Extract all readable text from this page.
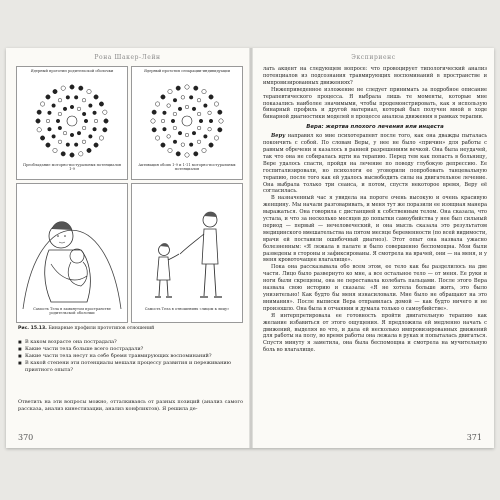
Рона Шакер-Лейн
Ядерный прототип родительской оболочки
Преобладание моторно-постуральных потенциалов 1-9
Ядерный прототип сепарации-индивидуации
Активация обоих 1-9 и 1-11 моторно-постуральных потенциалов
Самость Тела в замкнутом пространстве родительской оболочки
Самость Тела в отношениях «лицом к лицу»
Рис. 15.13. Бинарные профили прототипов отношений
■ В каком возрасте она пострадала?
■ Какие части тела больше всего пострадали?
■ Какие части тела несут на себе бремя травмирующих воспоминаний?
■ В какой степени эти потенциалы мешали процессу развития и переживанию приятного опыта?
Ответить на эти вопросы можно, отталкиваясь от разных позиций (анализ самого рассказа, анализ кинестизации, анализ конфликтов). Я решила де-
370
Экспириенс

лать акцент на следующем вопросе: что провоцирует типологический анализ потенциалов из подсознания травмирующих воспоминаний в пространстве и импровизированных движениях?

Нижеприведенное изложение не следует принимать за подробное описание терапевтического процесса. Я выбрала лишь те моменты, которые мне показались наиболее значимыми, чтобы продемонстрировать, как я использую бинарный профиль и другой материал, который был получен мной в ходе бинарной диагностики моделей в процессе анализа движения в рамках терапии.

Вера: жертва плохого лечения или инцеста

Веру направил ко мне психотерапевт после того, как она дважды пыталась покончить с собой. По словам Веры, у нее не было «причин» для работы с равным обречени и казалось в ранней разрешениям вечкой. Она была неудачей, так что она не собиралась идти на терапию. Перед тем как попасть в больницу, Вере удалось спасти, пройдя на лечение по поводу глубокую депрессию. Ее госпитализировали, но психологи ее уговорили попробовать танцевальную терапию, после того как ей удалось высвободить силы на двигательное лечение. Она выбрала только три сеанса, и потом, спустя некоторое время, Веру её согласилась.

В назначенный час я увидела на пороге очень высокую и очень красивую женщину. Мы начали разговаривать, и меня тут же поразили ее изящная манера выражаться. Она говорила с дистанцией к собственным телом. Она сказала, что устала, и что за несколько месяцев до попытки самоубийства у нее был сильный период — первый — нечеловеческий, и она мысль сказала это результатом медицинского вмешательства на пятом месяце беременности (по всей видимости, врачи ей поставили ошибочный диагноз). Этот опыт она назвала ужасно болезненным: «Я лежала в палате и было совершенно беспомощна. Мои были разведены в стороны и зафиксированы. Я смотрела на врачей, они — на меня, и у меня кровоточащее влагалище».

Пока она рассказывала обо всем этом, ее тело как бы разделилось на две части. Лицо было развернуто ко мне, а все остальное тело — от меня. Ее руки и ноги были скрещены, она не переставала колебать пальцами. После этого Вера назвала свою историю и сказала: «Я не хотела больше жить, это было унизительно! Как будто бы меня изнасиловали. Мне было не обращают на это внимания». После выписки Вера отправилась домой — как будто ничего и не произошло. Она была в отчаянии и думала только о самоубийстве».

Я интерпретировала ее готовность пройти двигательную терапию как желание избавиться от этого ощущения. Я предложила ей медленно начать с движений, выделяя во что, и дала ей несколько импровизированных движений для работы на полу, во время работы она лежала в руках и попыталась двигаться. Спустя минуту я заметила, она была беспомощна и смотрела на мучительную боль во влагалище.

371
